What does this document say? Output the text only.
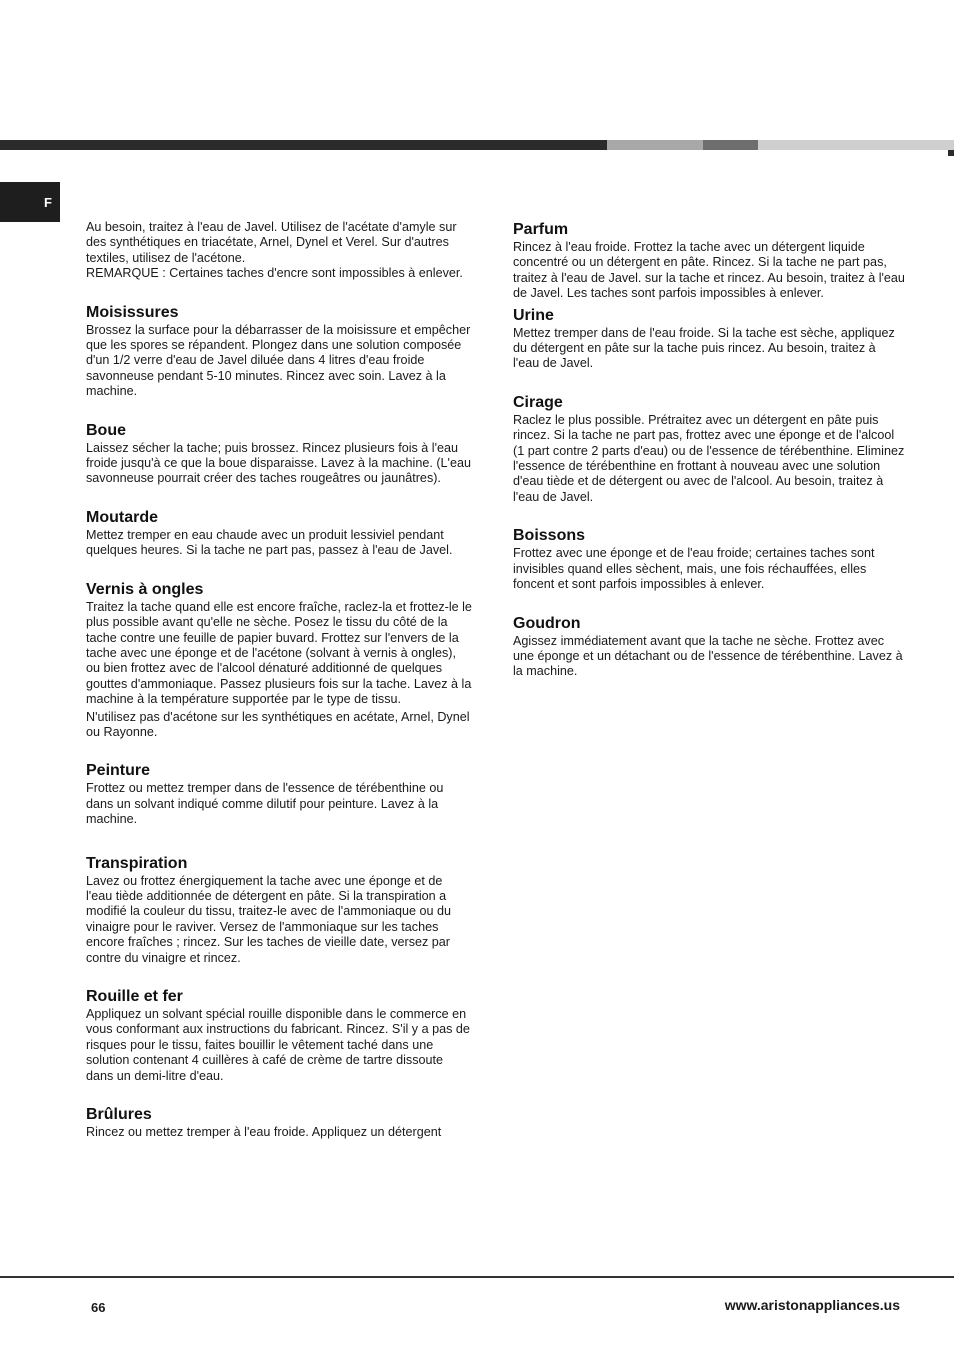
F

Au besoin, traitez à l'eau de Javel. Utilisez de l'acétate d'amyle sur des synthétiques en triacétate, Arnel, Dynel et Verel. Sur d'autres textiles, utilisez de l'acétone.

REMARQUE : Certaines taches d'encre sont impossibles à enlever.

Moisissures

Brossez la surface pour la débarrasser de la moisissure et empêcher que les spores se répandent. Plongez dans une solution composée d'un 1/2 verre d'eau de Javel diluée dans 4 litres d'eau froide savonneuse pendant 5-10 minutes. Rincez avec soin. Lavez à la machine.

Boue

Laissez sécher la tache; puis brossez. Rincez plusieurs fois à l'eau froide jusqu'à ce que la boue disparaisse. Lavez à la machine. (L'eau savonneuse pourrait créer des taches rougeâtres ou jaunâtres).

Moutarde

Mettez tremper en eau chaude avec un produit lessiviel pendant quelques heures. Si la tache ne part pas, passez à l'eau de Javel.

Vernis à ongles

Traitez la tache quand elle est encore fraîche, raclez-la et frottez-le le plus possible avant qu'elle ne sèche. Posez le tissu du côté de la tache contre une feuille de papier buvard. Frottez sur l'envers de la tache avec une éponge et de l'acétone (solvant à vernis à ongles), ou bien frottez avec de l'alcool dénaturé additionné de quelques gouttes d'ammoniaque. Passez plusieurs fois sur la tache. Lavez à la machine à la température supportée par le type de tissu.

N'utilisez pas d'acétone sur les synthétiques en acétate, Arnel, Dynel ou Rayonne.

Peinture

Frottez ou mettez tremper dans de l'essence de térébenthine ou dans un solvant indiqué comme dilutif pour peinture. Lavez à la machine.

Transpiration

Lavez ou frottez énergiquement la tache avec une éponge et de l'eau tiède additionnée de détergent en pâte. Si la transpiration a modifié la couleur du tissu, traitez-le avec de l'ammoniaque ou du vinaigre pour le raviver. Versez de l'ammoniaque sur les taches encore fraîches ; rincez. Sur les taches de vieille date, versez par contre du vinaigre et rincez.

Rouille et fer

Appliquez un solvant spécial rouille disponible dans le commerce en vous conformant aux instructions du fabricant. Rincez. S'il y a pas de risques pour le tissu, faites bouillir le vêtement taché dans une solution contenant 4 cuillères à café de crème de tartre dissoute dans un demi-litre d'eau.

Brûlures

Rincez ou mettez tremper à l'eau froide. Appliquez un détergent

Parfum

Rincez à l'eau froide. Frottez la tache avec un détergent liquide concentré ou un détergent en pâte. Rincez. Si la tache ne part pas, traitez à l'eau de Javel. sur la tache et rincez. Au besoin, traitez à l'eau de Javel. Les taches sont parfois impossibles à enlever.

Urine

Mettez tremper dans de l'eau froide. Si la tache est sèche, appliquez du détergent en pâte sur la tache puis rincez. Au besoin, traitez à l'eau de Javel.

Cirage

Raclez le plus possible. Prétraitez avec un détergent en pâte puis rincez. Si la tache ne part pas, frottez avec une éponge et de l'alcool (1 part contre 2 parts d'eau) ou de l'essence de térébenthine. Eliminez l'essence de térébenthine en frottant à nouveau avec une solution d'eau tiède et de détergent ou avec de l'alcool. Au besoin, traitez à l'eau de Javel.

Boissons

Frottez avec une éponge et de l'eau froide; certaines taches sont invisibles quand elles sèchent, mais, une fois réchauffées, elles foncent et sont parfois impossibles à enlever.

Goudron

Agissez immédiatement avant que la tache ne sèche. Frottez avec une éponge et un détachant ou de l'essence de térébenthine. Lavez à la machine.

66	www.aristonappliances.us
